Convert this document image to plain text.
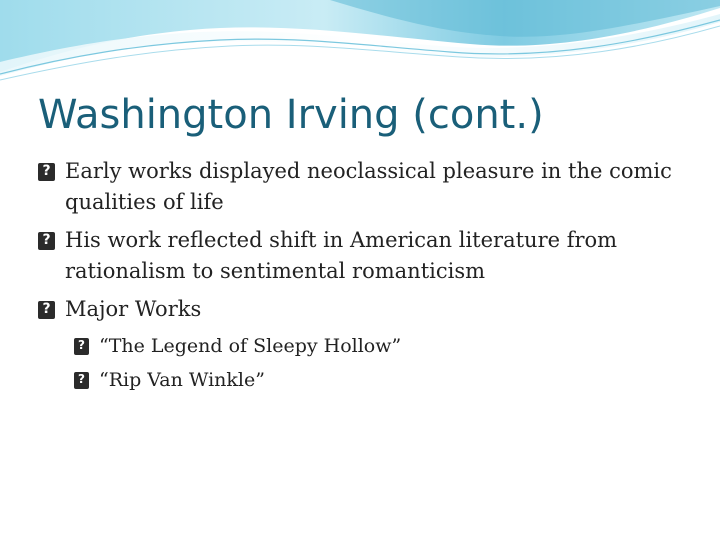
Washington Irving (cont.)
?
Early works displayed neoclassical pleasure in the comic qualities of life
?
His work reflected shift in American literature from rationalism to sentimental romanticism
?
Major Works
?
“The Legend of Sleepy Hollow”
?
“Rip Van Winkle”
